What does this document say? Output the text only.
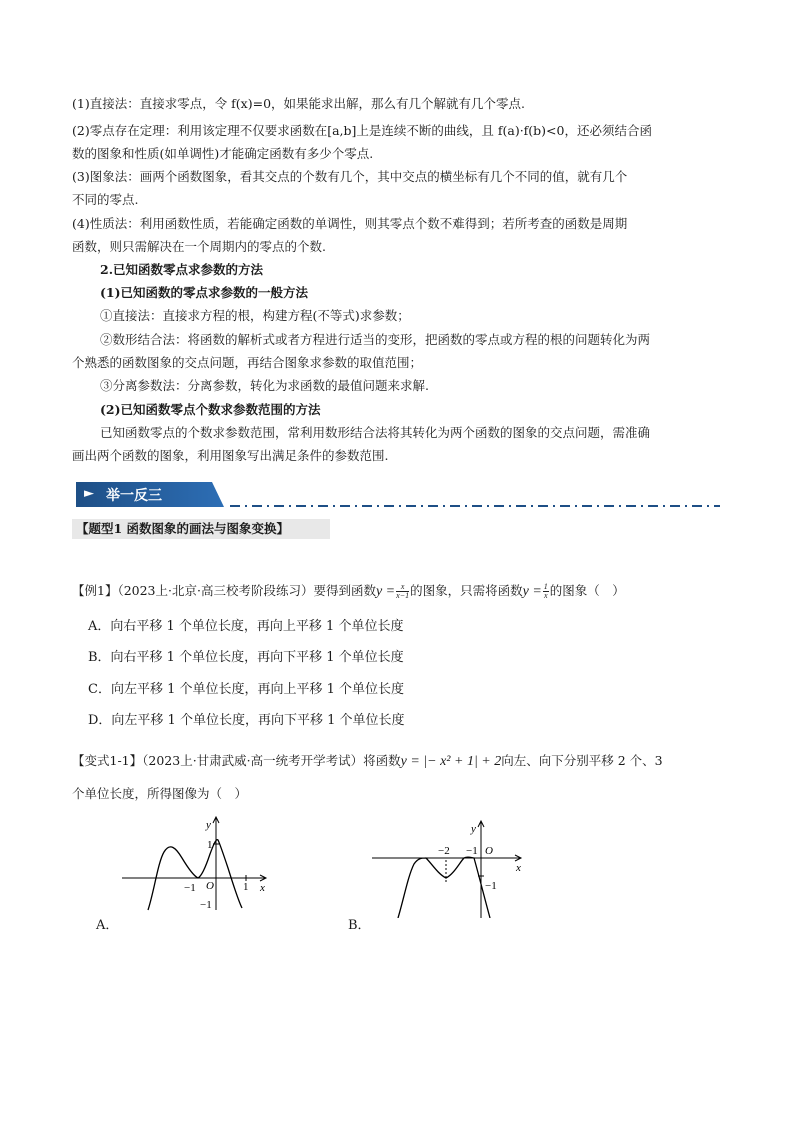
(1)直接法：直接求零点，令 f(x)=0，如果能求出解，那么有几个解就有几个零点.
(2)零点存在定理：利用该定理不仅要求函数在[a,b]上是连续不断的曲线，且 f(a)·f(b)<0，还必须结合函
数的图象和性质(如单调性)才能确定函数有多少个零点.
(3)图象法：画两个函数图象，看其交点的个数有几个，其中交点的横坐标有几个不同的值，就有几个
不同的零点.
(4)性质法：利用函数性质，若能确定函数的单调性，则其零点个数不难得到；若所考查的函数是周期
函数，则只需解决在一个周期内的零点的个数.
2.已知函数零点求参数的方法
(1)已知函数的零点求参数的一般方法
①直接法：直接求方程的根，构建方程(不等式)求参数；
②数形结合法：将函数的解析式或者方程进行适当的变形，把函数的零点或方程的根的问题转化为两
个熟悉的函数图象的交点问题，再结合图象求参数的取值范围；
③分离参数法：分离参数，转化为求函数的最值问题来求解.
(2)已知函数零点个数求参数范围的方法
已知函数零点的个数求参数范围，常利用数形结合法将其转化为两个函数的图象的交点问题，需准确
画出两个函数的图象，利用图象写出满足条件的参数范围.
► 举一反三
【题型1 函数图象的画法与图象变换】
【例1】（2023上·北京·高三校考阶段练习）要得到函数$y = \frac{x}{x-1}$ 的图象，只需将函数$y = \frac{1}{x}$ 的图象（　）
A．向右平移 1 个单位长度，再向上平移 1 个单位长度
B．向右平移 1 个单位长度，再向下平移 1 个单位长度
C．向左平移 1 个单位长度，再向上平移 1 个单位长度
D．向左平移 1 个单位长度，再向下平移 1 个单位长度
【变式1-1】（2023上·甘肃武威·高一统考开学考试）将函数y = |− x² + 1| + 2向左、向下分别平移 2 个、3
个单位长度，所得图像为（　）
−1 O	1 x
y
1
−1
A．
−2 −1 O
x
y
−1
B．
